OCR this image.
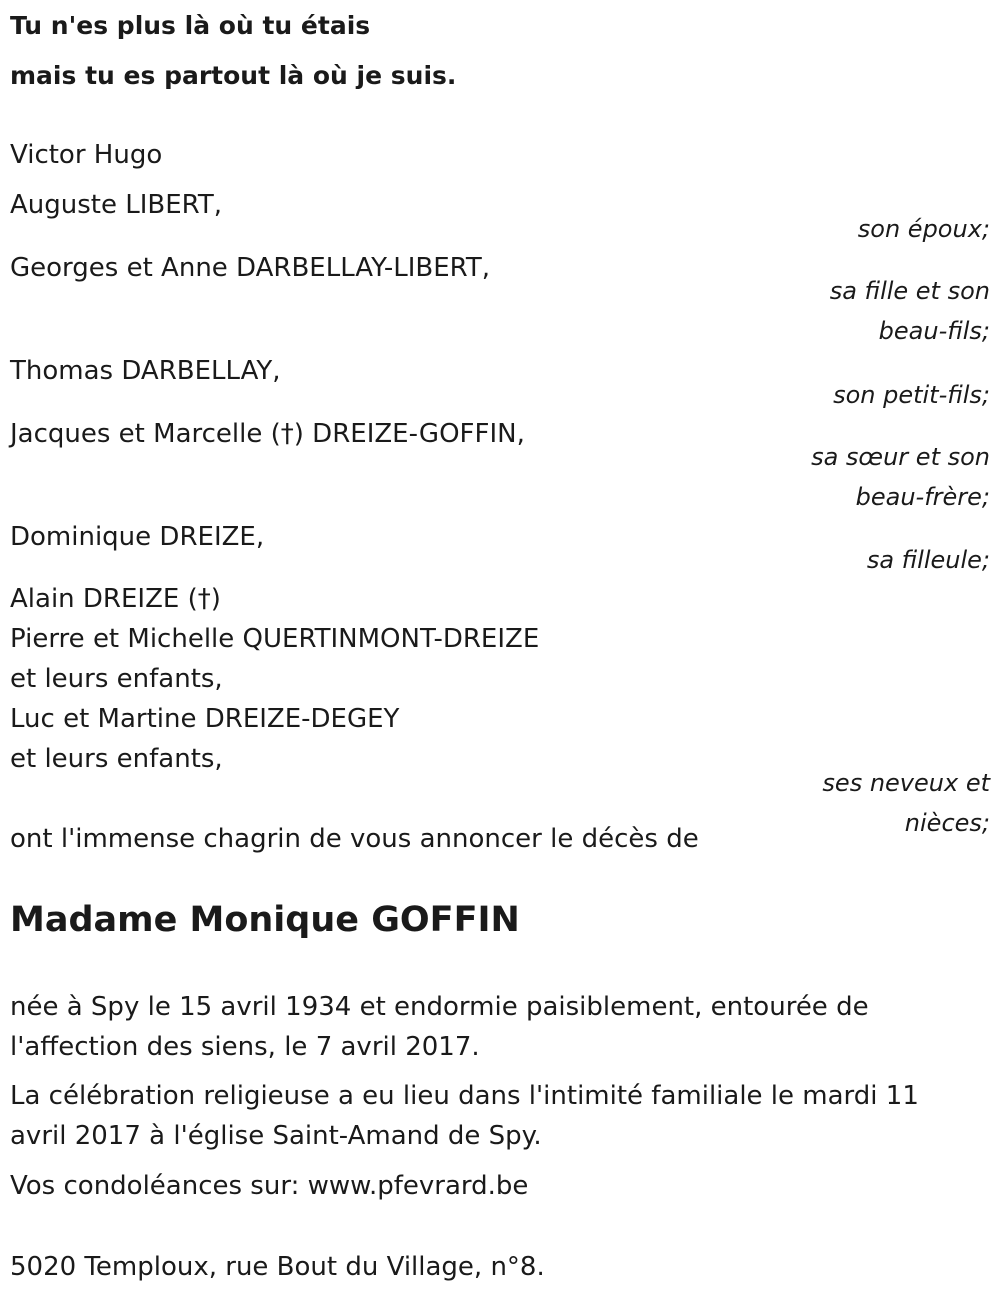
Tu n'es plus là où tu étais
mais tu es partout là où je suis.
Victor Hugo
Auguste LIBERT,
son époux;
Georges et Anne DARBELLAY-LIBERT,
sa fille et son
beau-fils;
Thomas DARBELLAY,
son petit-fils;
Jacques et Marcelle (†) DREIZE-GOFFIN,
sa sœur et son
beau-frère;
Dominique DREIZE,
sa filleule;
Alain DREIZE (†)
Pierre et Michelle QUERTINMONT-DREIZE
et leurs enfants,
Luc et Martine DREIZE-DEGEY
et leurs enfants,
ses neveux et
nièces;
ont l'immense chagrin de vous annoncer le décès de
Madame Monique GOFFIN
née à Spy le 15 avril 1934 et endormie paisiblement, entourée de
l'affection des siens, le 7 avril 2017.
La célébration religieuse a eu lieu dans l'intimité familiale le mardi 11
avril 2017 à l'église Saint-Amand de Spy.
Vos condoléances sur: www.pfevrard.be
5020 Temploux, rue Bout du Village, n°8.
